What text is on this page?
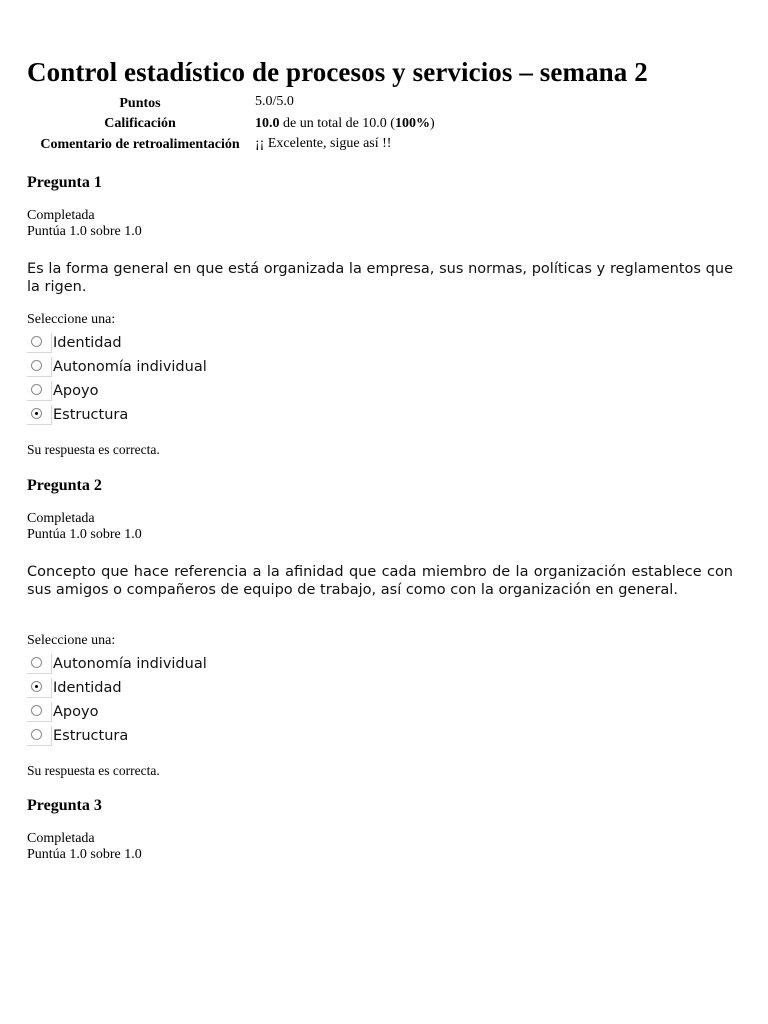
Control estadístico de procesos y servicios – semana 2
Puntos	5.0/5.0
Calificación	10.0 de un total de 10.0 (100%)
Comentario de retroalimentación	¡¡ Excelente, sigue así !!
Pregunta 1
Completada
Puntúa 1.0 sobre 1.0
Es la forma general en que está organizada la empresa, sus normas, políticas y reglamentos que la rigen.
Seleccione una:
Identidad
Autonomía individual
Apoyo
Estructura
Su respuesta es correcta.
Pregunta 2
Completada
Puntúa 1.0 sobre 1.0
Concepto que hace referencia a la afinidad que cada miembro de la organización establece con sus amigos o compañeros de equipo de trabajo, así como con la organización en general.
Seleccione una:
Autonomía individual
Identidad
Apoyo
Estructura
Su respuesta es correcta.
Pregunta 3
Completada
Puntúa 1.0 sobre 1.0
